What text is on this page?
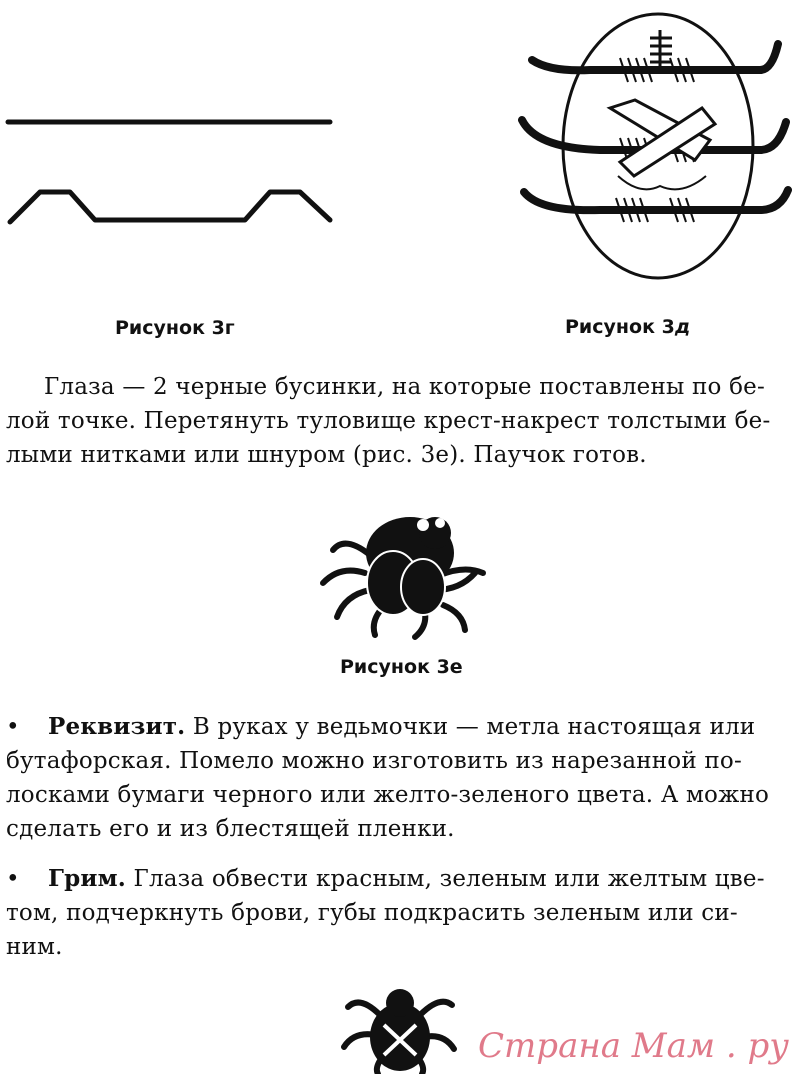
Рисунок 3г	Рисунок 3д
Глаза — 2 черные бусинки, на которые поставлены по бе-
лой точке. Перетянуть туловище крест-накрест толстыми бе-
лыми нитками или шнуром (рис. 3е). Паучок готов.
Рисунок 3е
• Реквизит. В руках у ведьмочки — метла настоящая или
бутафорская. Помело можно изготовить из нарезанной по-
лосками бумаги черного или желто-зеленого цвета. А можно
сделать его и из блестящей пленки.
• Грим. Глаза обвести красным, зеленым или желтым цве-
том, подчеркнуть брови, губы подкрасить зеленым или си-
ним.
Страна Мам . ру
